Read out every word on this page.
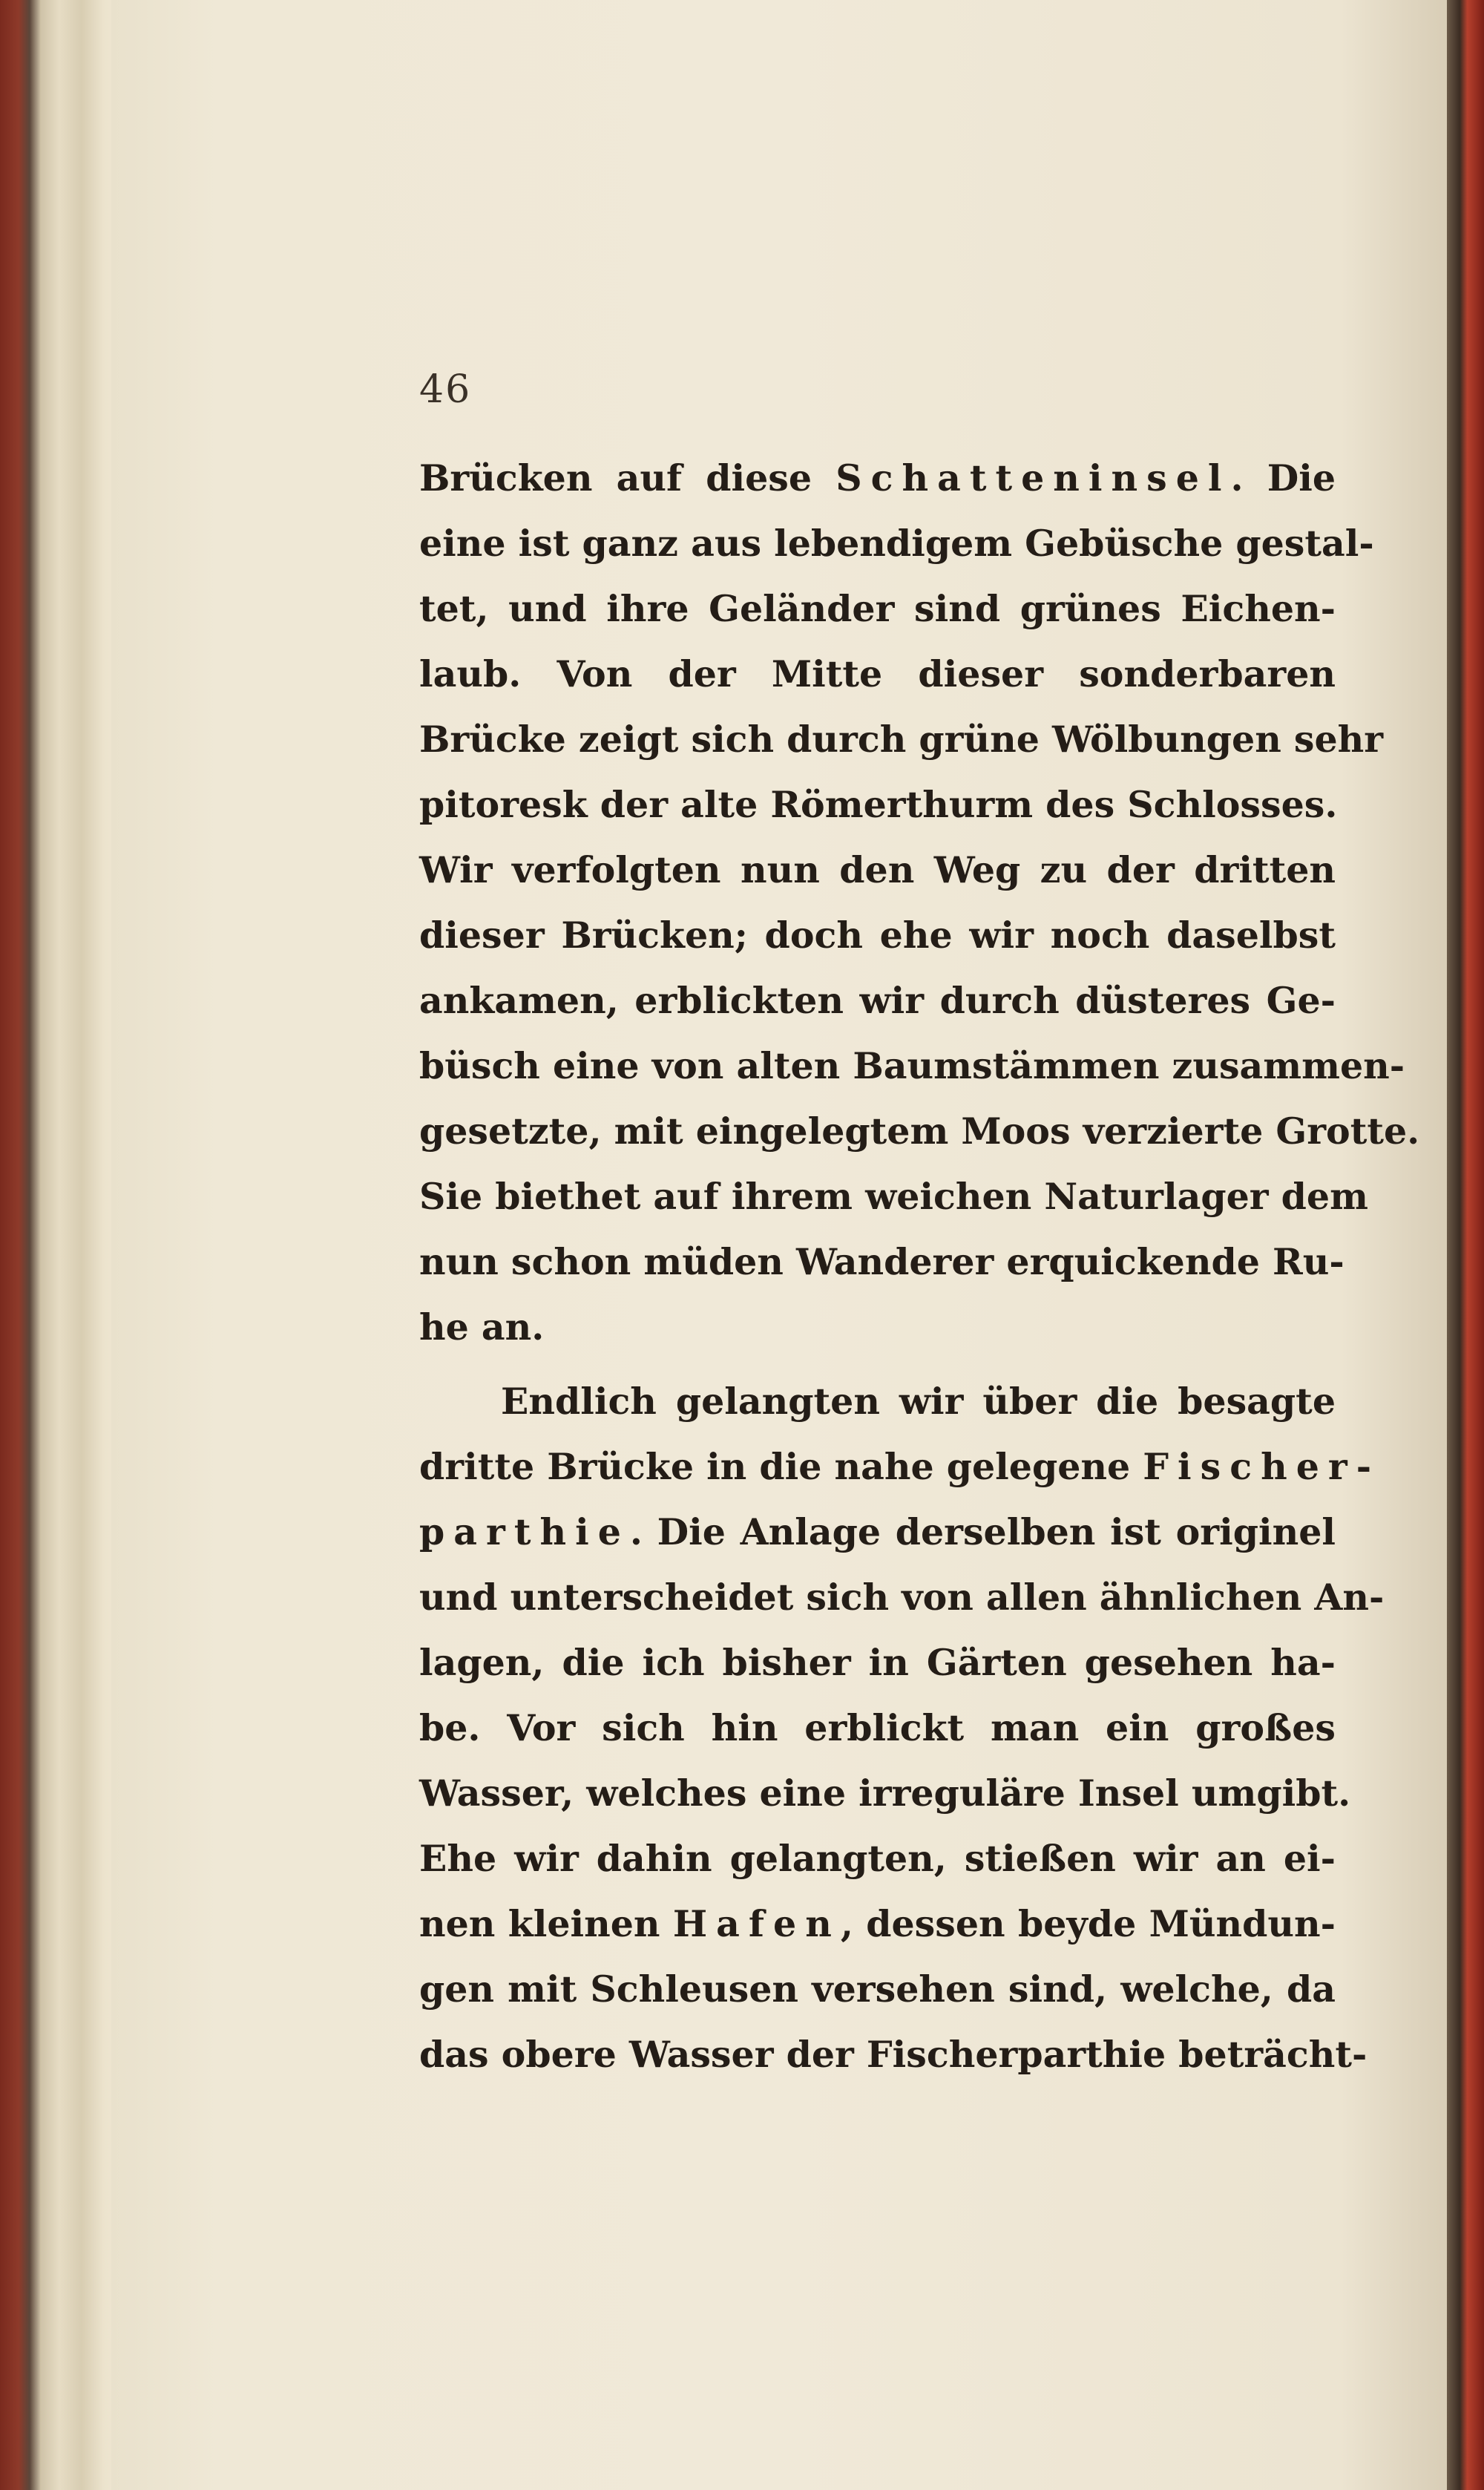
46
Brücken auf diese Schatteninsel. Die
eine ist ganz aus lebendigem Gebüsche gestal-
tet, und ihre Geländer sind grünes Eichen-
laub. Von der Mitte dieser sonderbaren
Brücke zeigt sich durch grüne Wölbungen sehr
pitoresk der alte Römerthurm des Schlosses.
Wir verfolgten nun den Weg zu der dritten
dieser Brücken; doch ehe wir noch daselbst
ankamen, erblickten wir durch düsteres Ge-
büsch eine von alten Baumstämmen zusammen-
gesetzte, mit eingelegtem Moos verzierte Grotte.
Sie biethet auf ihrem weichen Naturlager dem
nun schon müden Wanderer erquickende Ru-
he an.
Endlich gelangten wir über die besagte
dritte Brücke in die nahe gelegene Fischer-
parthie. Die Anlage derselben ist originel
und unterscheidet sich von allen ähnlichen An-
lagen, die ich bisher in Gärten gesehen ha-
be. Vor sich hin erblickt man ein großes
Wasser, welches eine irreguläre Insel umgibt.
Ehe wir dahin gelangten, stießen wir an ei-
nen kleinen Hafen, dessen beyde Mündun-
gen mit Schleusen versehen sind, welche, da
das obere Wasser der Fischerparthie beträcht-
